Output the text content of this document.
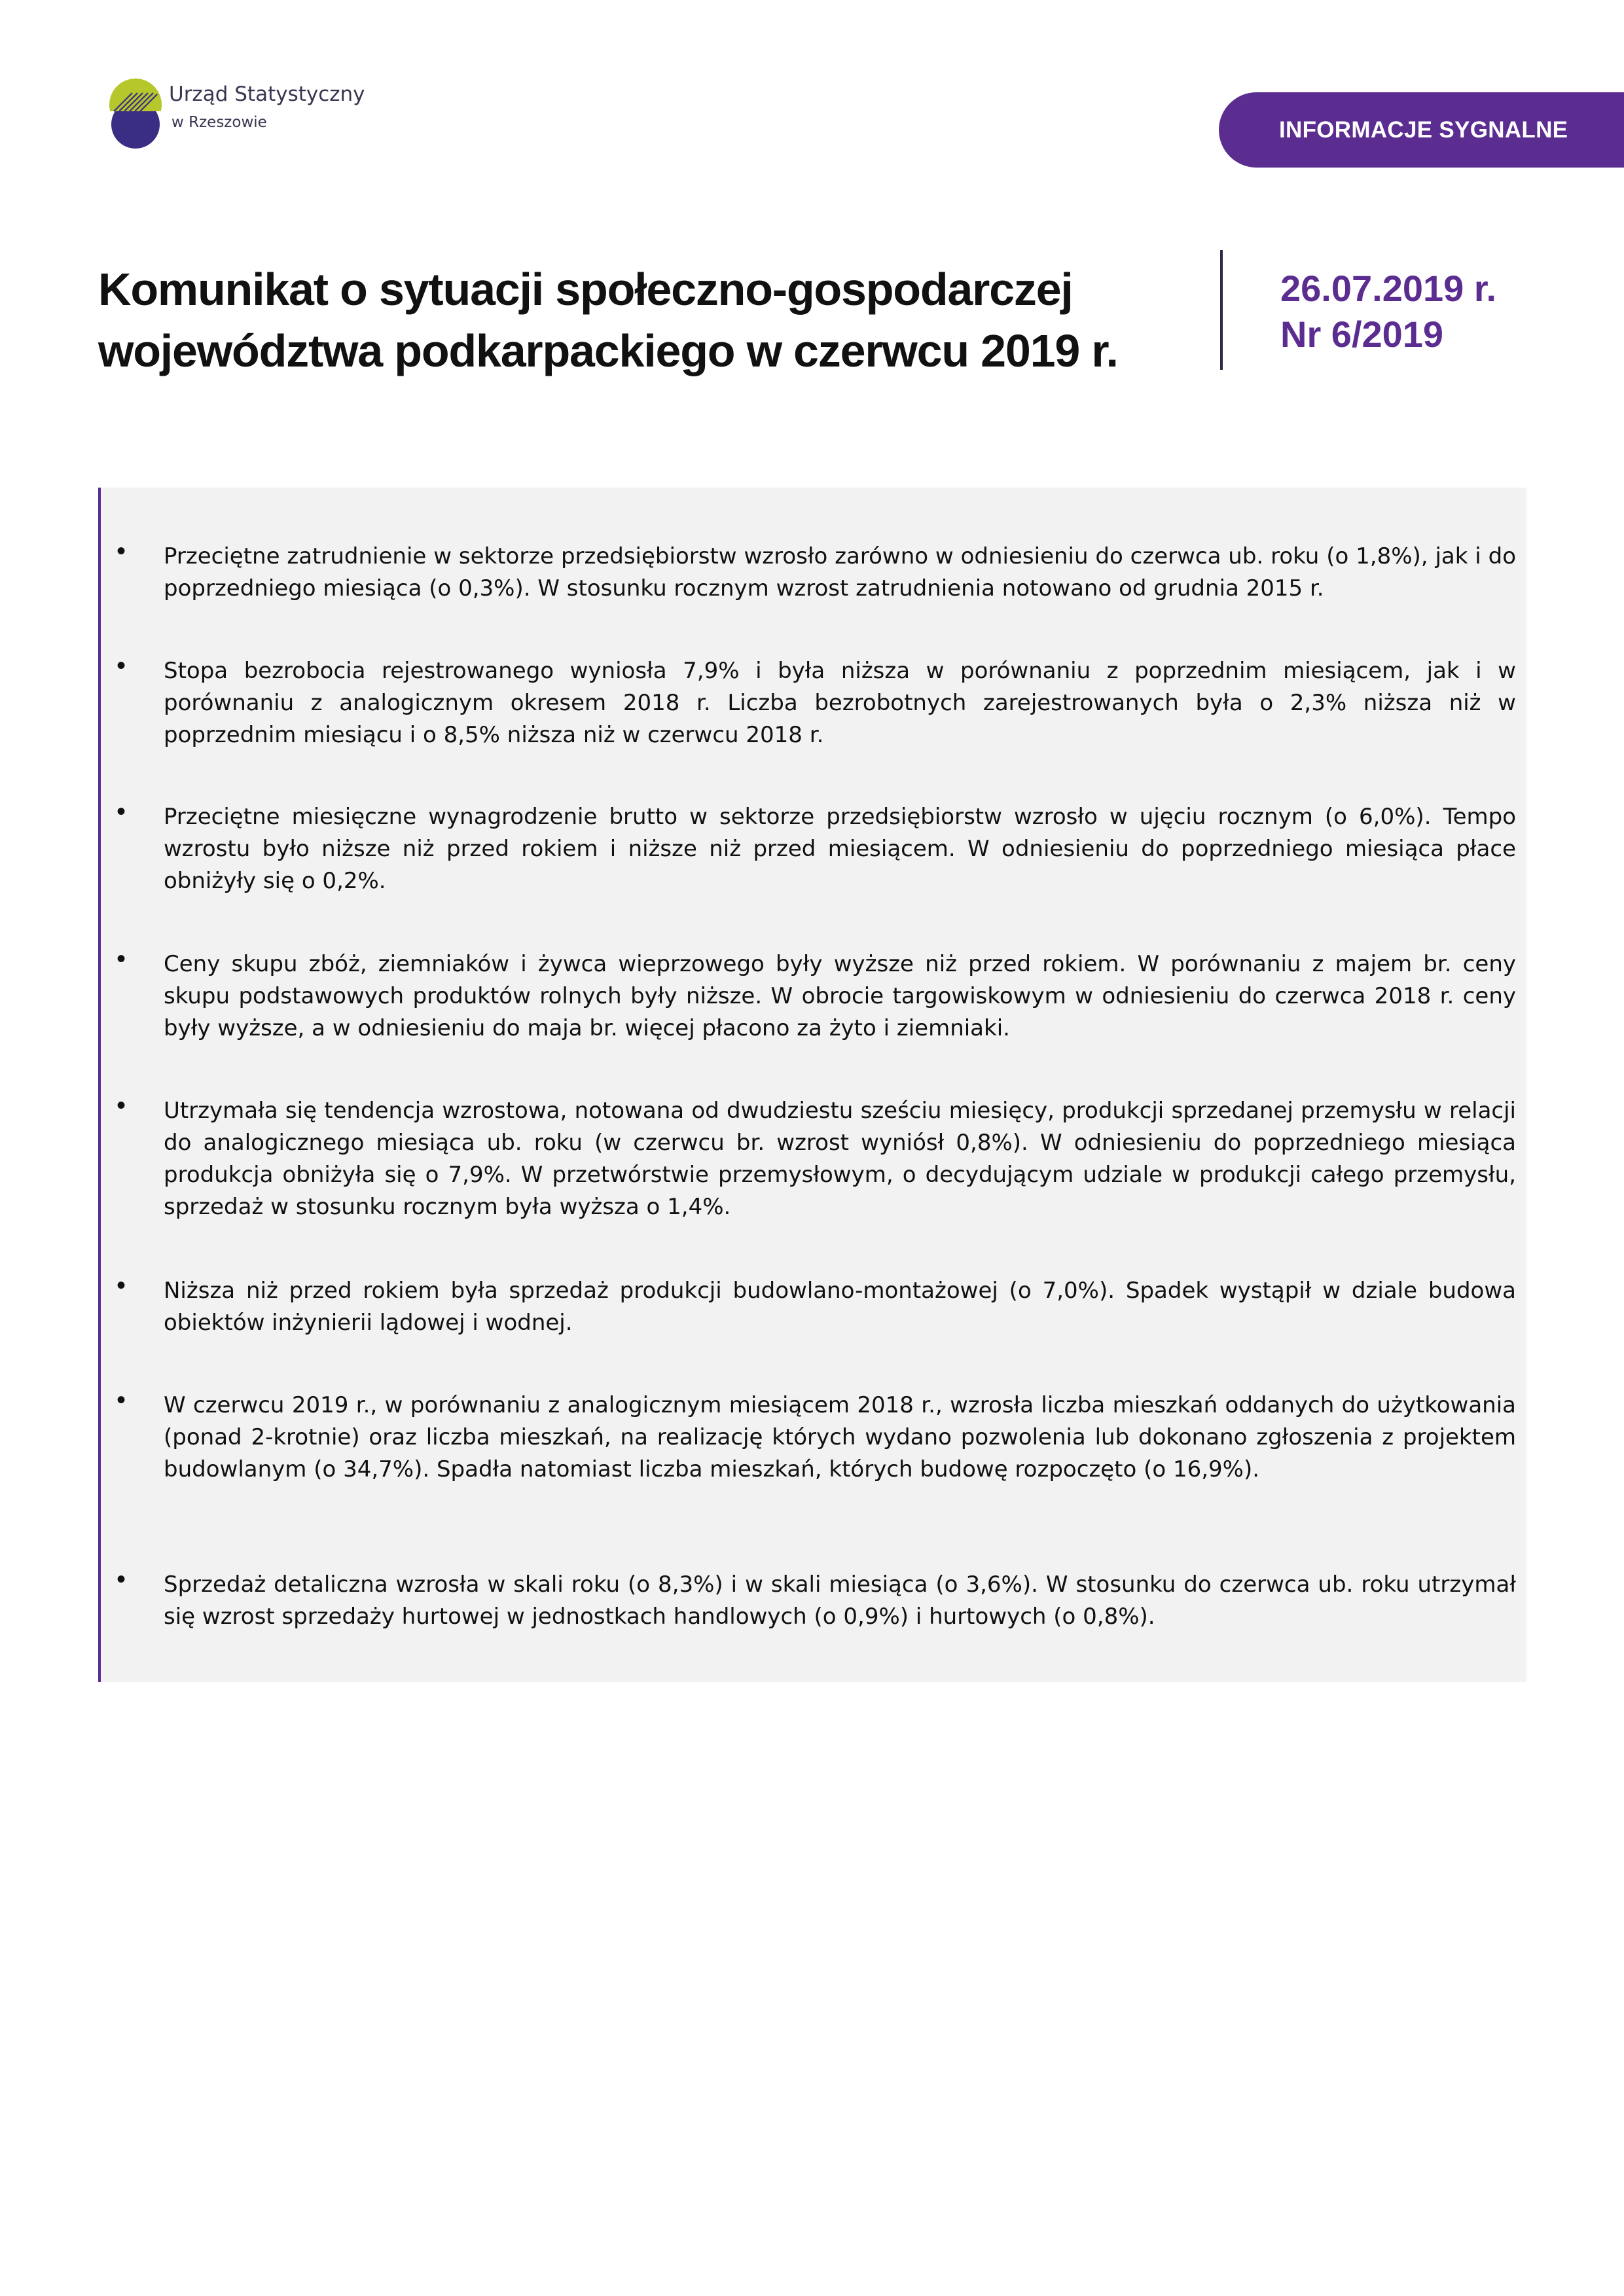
Urząd Statystyczny
w Rzeszowie	INFORMACJE SYGNALNE
Komunikat o sytuacji społeczno-gospodarczej
województwa podkarpackiego w czerwcu 2019 r.
26.07.2019 r.
Nr 6/2019
•	Przeciętne zatrudnienie w sektorze przedsiębiorstw wzrosło zarówno w odniesieniu do czerwca ub. roku (o 1,8%), jak i do poprzedniego miesiąca (o 0,3%). W stosunku rocznym wzrost zatrudnienia notowano od grudnia 2015 r.

•	Stopa bezrobocia rejestrowanego wyniosła 7,9% i była niższa w porównaniu z poprzednim miesiącem, jak i w porównaniu z analogicznym okresem 2018 r. Liczba bezrobotnych zarejestrowanych była o 2,3% niższa niż w poprzednim miesiącu i o 8,5% niższa niż w czerwcu 2018 r.

•	Przeciętne miesięczne wynagrodzenie brutto w sektorze przedsiębiorstw wzrosło w ujęciu rocznym (o 6,0%). Tempo wzrostu było niższe niż przed rokiem i niższe niż przed miesiącem. W odniesieniu do poprzedniego miesiąca płace obniżyły się o 0,2%.

•	Ceny skupu zbóż, ziemniaków i żywca wieprzowego były wyższe niż przed rokiem. W porównaniu z majem br. ceny skupu podstawowych produktów rolnych były niższe. W obrocie targowiskowym w odniesieniu do czerwca 2018 r. ceny były wyższe, a w odniesieniu do maja br. więcej płacono za żyto i ziemniaki.

•	Utrzymała się tendencja wzrostowa, notowana od dwudziestu sześciu miesięcy, produkcji sprzedanej przemysłu w relacji do analogicznego miesiąca ub. roku (w czerwcu br. wzrost wyniósł 0,8%). W odniesieniu do poprzedniego miesiąca produkcja obniżyła się o 7,9%. W przetwórstwie przemysłowym, o decydującym udziale w produkcji całego przemysłu, sprzedaż w stosunku rocznym była wyższa o 1,4%.

•	Niższa niż przed rokiem była sprzedaż produkcji budowlano-montażowej (o 7,0%). Spadek wystąpił w dziale budowa obiektów inżynierii lądowej i wodnej.

•	W czerwcu 2019 r., w porównaniu z analogicznym miesiącem 2018 r., wzrosła liczba mieszkań oddanych do użytkowania (ponad 2-krotnie) oraz liczba mieszkań, na realizację których wydano pozwolenia lub dokonano zgłoszenia z projektem budowlanym (o 34,7%). Spadła natomiast liczba mieszkań, których budowę rozpoczęto (o 16,9%).

•	Sprzedaż detaliczna wzrosła w skali roku (o 8,3%) i w skali miesiąca (o 3,6%). W stosunku do czerwca ub. roku utrzymał się wzrost sprzedaży hurtowej w jednostkach handlowych (o 0,9%) i hurtowych (o 0,8%).
